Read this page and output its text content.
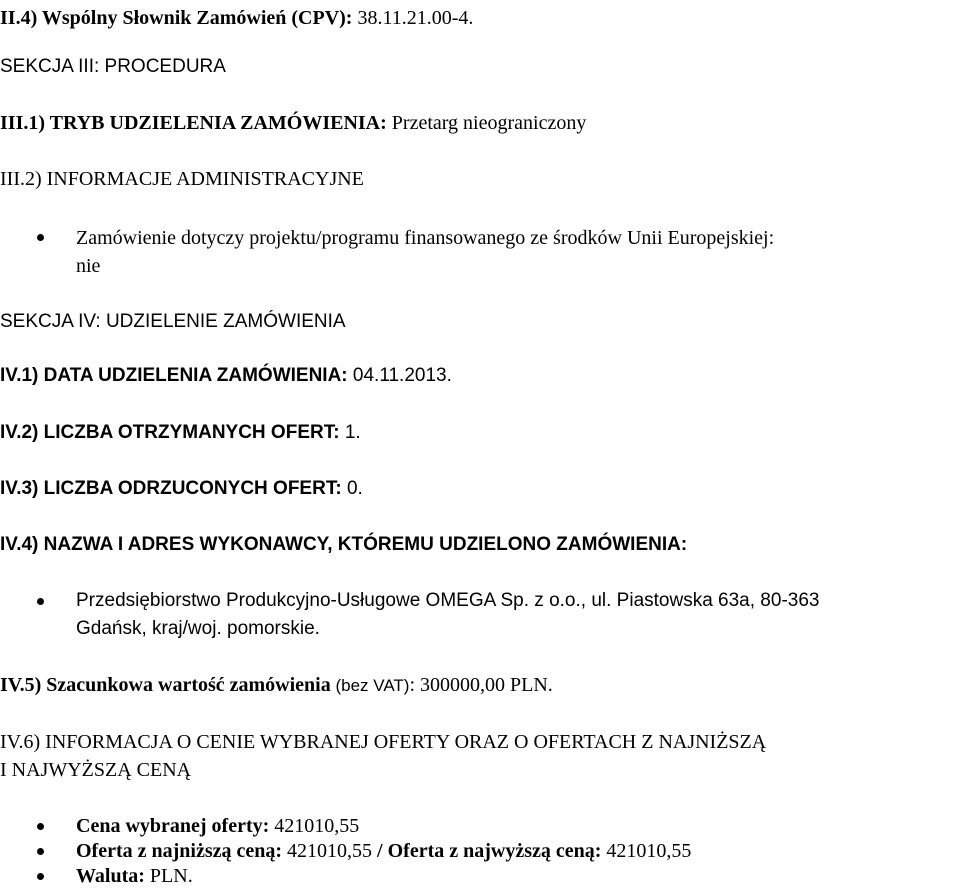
II.4) Wspólny Słownik Zamówień (CPV): 38.11.21.00-4.
SEKCJA III: PROCEDURA
III.1) TRYB UDZIELENIA ZAMÓWIENIA: Przetarg nieograniczony
III.2) INFORMACJE ADMINISTRACYJNE
Zamówienie dotyczy projektu/programu finansowanego ze środków Unii Europejskiej:
nie
SEKCJA IV: UDZIELENIE ZAMÓWIENIA
IV.1) DATA UDZIELENIA ZAMÓWIENIA: 04.11.2013.
IV.2) LICZBA OTRZYMANYCH OFERT: 1.
IV.3) LICZBA ODRZUCONYCH OFERT: 0.
IV.4) NAZWA I ADRES WYKONAWCY, KTÓREMU UDZIELONO ZAMÓWIENIA:
Przedsiębiorstwo Produkcyjno-Usługowe OMEGA Sp. z o.o., ul. Piastowska 63a, 80-363
Gdańsk, kraj/woj. pomorskie.
IV.5) Szacunkowa wartość zamówienia (bez VAT): 300000,00 PLN.
IV.6) INFORMACJA O CENIE WYBRANEJ OFERTY ORAZ O OFERTACH Z NAJNIŻSZĄ
I NAJWYŻSZĄ CENĄ
Cena wybranej oferty: 421010,55
Oferta z najniższą ceną: 421010,55 / Oferta z najwyższą ceną: 421010,55
Waluta: PLN.
